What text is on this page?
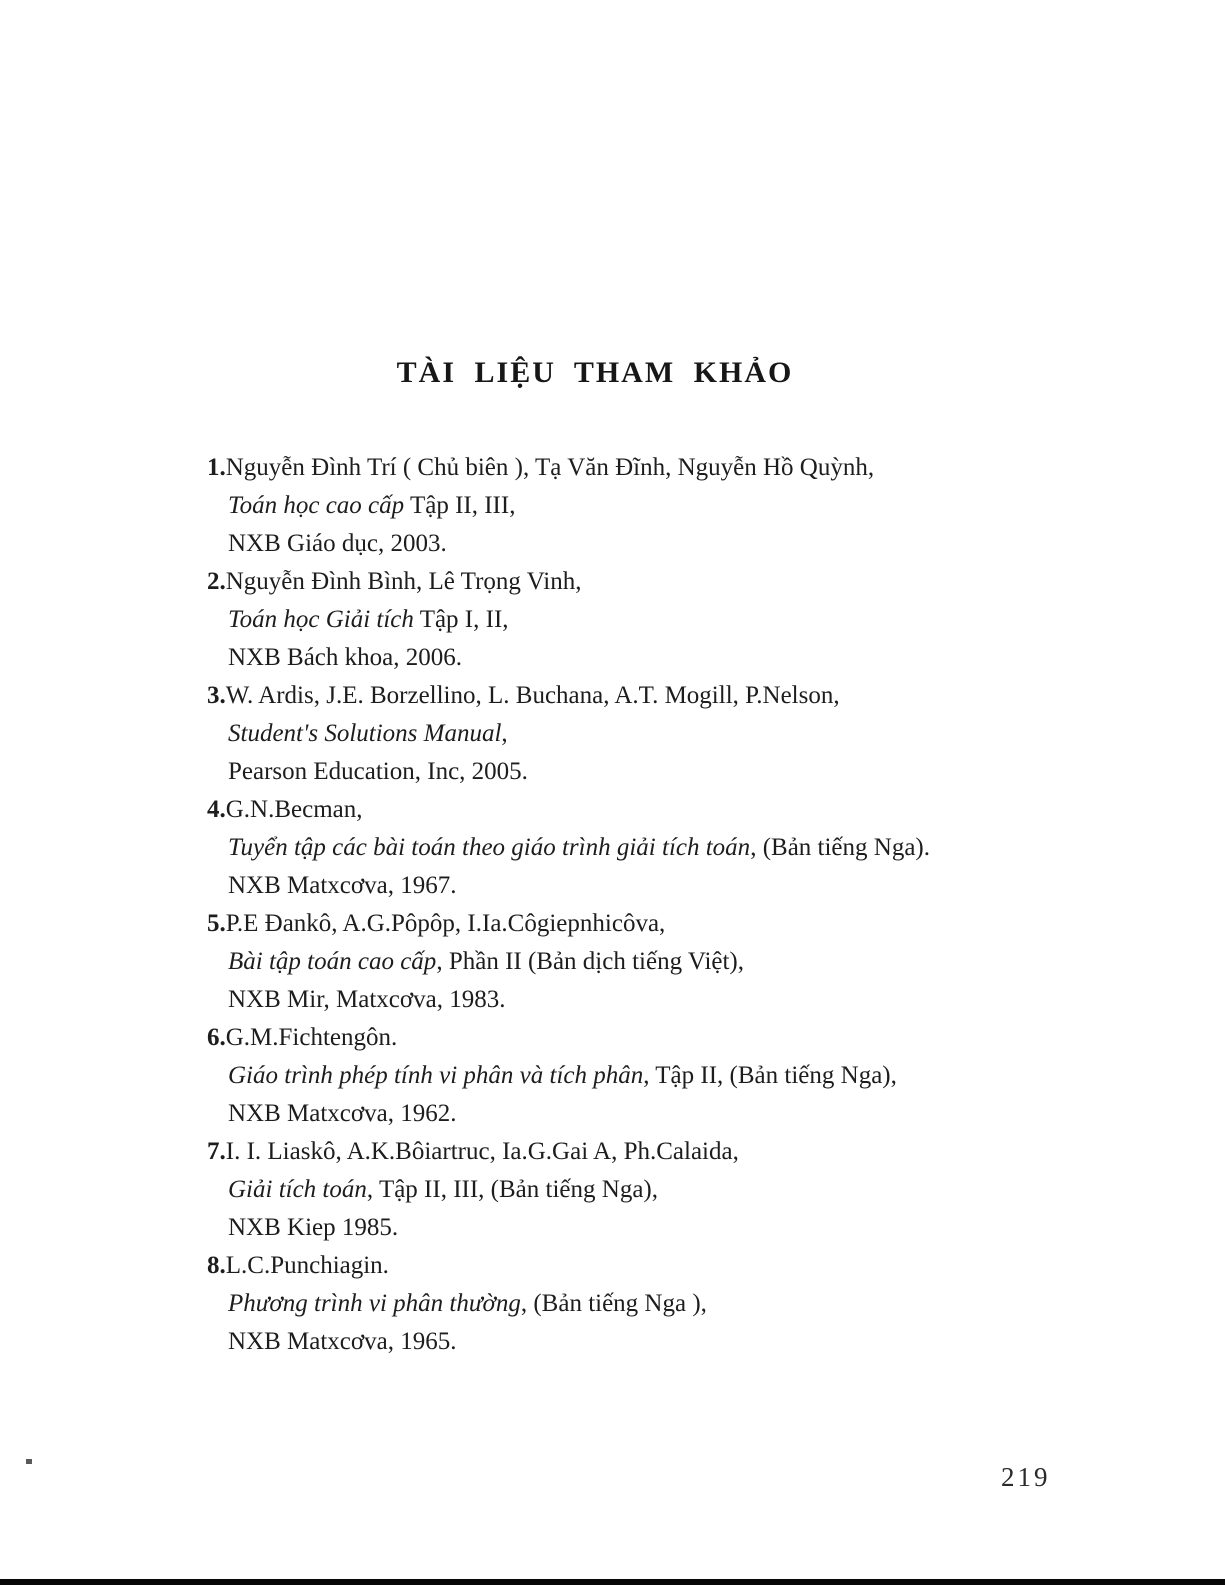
TÀI LIỆU THAM KHẢO

1.Nguyễn Đình Trí ( Chủ biên ), Tạ Văn Đĩnh, Nguyễn Hồ Quỳnh,

Toán học cao cấp Tập II, III,

NXB Giáo dục, 2003.

2.Nguyễn Đình Bình, Lê Trọng Vinh,

Toán học Giải tích Tập I, II,

NXB Bách khoa, 2006.

3.W. Ardis, J.E. Borzellino, L. Buchana, A.T. Mogill, P.Nelson,

Student's Solutions Manual,

Pearson Education, Inc, 2005.

4.G.N.Becman,

Tuyển tập các bài toán theo giáo trình giải tích toán, (Bản tiếng Nga).

NXB Matxcơva, 1967.

5.P.E Đankô, A.G.Pôpôp, I.Ia.Côgiepnhicôva,

Bài tập toán cao cấp, Phần II (Bản dịch tiếng Việt),

NXB Mir, Matxcơva, 1983.

6.G.M.Fichtengôn.

Giáo trình phép tính vi phân và tích phân, Tập II, (Bản tiếng Nga),

NXB Matxcơva, 1962.

7.I. I. Liaskô, A.K.Bôiartruc, Ia.G.Gai A, Ph.Calaida,

Giải tích toán, Tập II, III, (Bản tiếng Nga),

NXB Kiep 1985.

8.L.C.Punchiagin.

Phương trình vi phân thường, (Bản tiếng Nga ),

NXB Matxcơva, 1965.

219
